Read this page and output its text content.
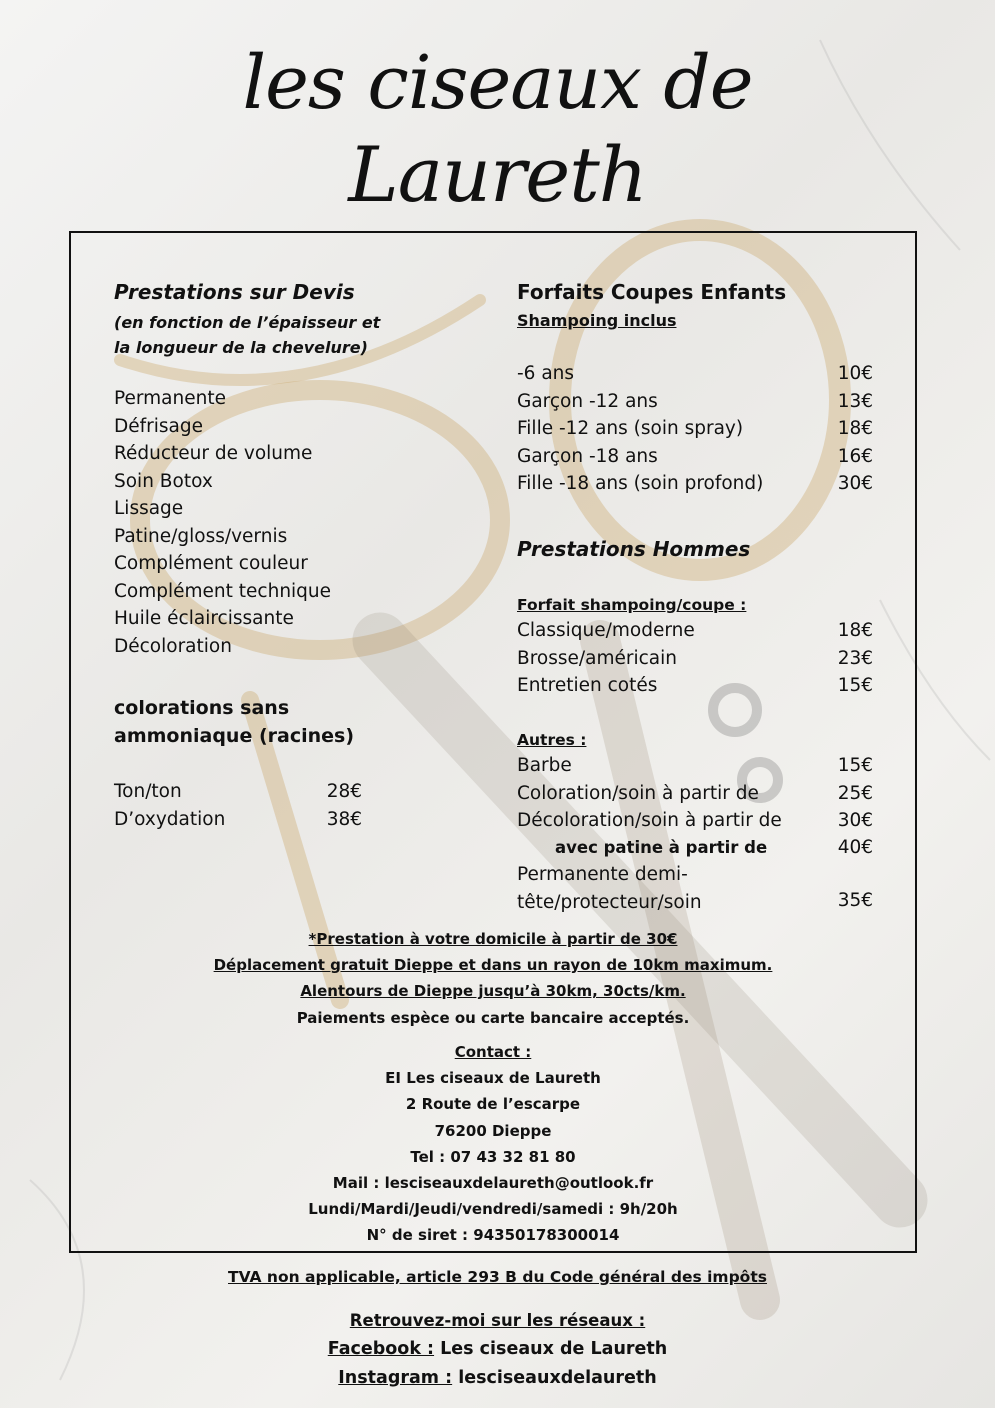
les ciseaux de
Laureth
Prestations sur Devis
(en fonction de l’épaisseur et
la longueur de la chevelure)
Permanente
Défrisage
Réducteur de volume
Soin Botox
Lissage
Patine/gloss/vernis
Complément couleur
Complément technique
Huile éclaircissante
Décoloration
colorations sans
ammoniaque (racines)
Ton/ton	28€
D’oxydation	38€
Forfaits Coupes Enfants
Shampoing inclus
-6 ans	10€
Garçon -12 ans	13€
Fille -12 ans (soin spray)	18€
Garçon -18 ans	16€
Fille -18 ans (soin profond)	30€
Prestations Hommes
Forfait shampoing/coupe :
Classique/moderne	18€
Brosse/américain	23€
Entretien cotés	15€
Autres :
Barbe	15€
Coloration/soin à partir de	25€
Décoloration/soin à partir de	30€
avec patine à partir de	40€
Permanente demi-
tête/protecteur/soin	35€
*Prestation à votre domicile à partir de 30€
Déplacement gratuit Dieppe et dans un rayon de 10km maximum.
Alentours de Dieppe jusqu’à 30km, 30cts/km.
Paiements espèce ou carte bancaire acceptés.
Contact :
EI Les ciseaux de Laureth
2 Route de l’escarpe
76200 Dieppe
Tel : 07 43 32 81 80
Mail : lesciseauxdelaureth@outlook.fr
Lundi/Mardi/Jeudi/vendredi/samedi : 9h/20h
N° de siret : 94350178300014
TVA non applicable, article 293 B du Code général des impôts
Retrouvez-moi sur les réseaux :
Facebook : Les ciseaux de Laureth
Instagram : lesciseauxdelaureth
